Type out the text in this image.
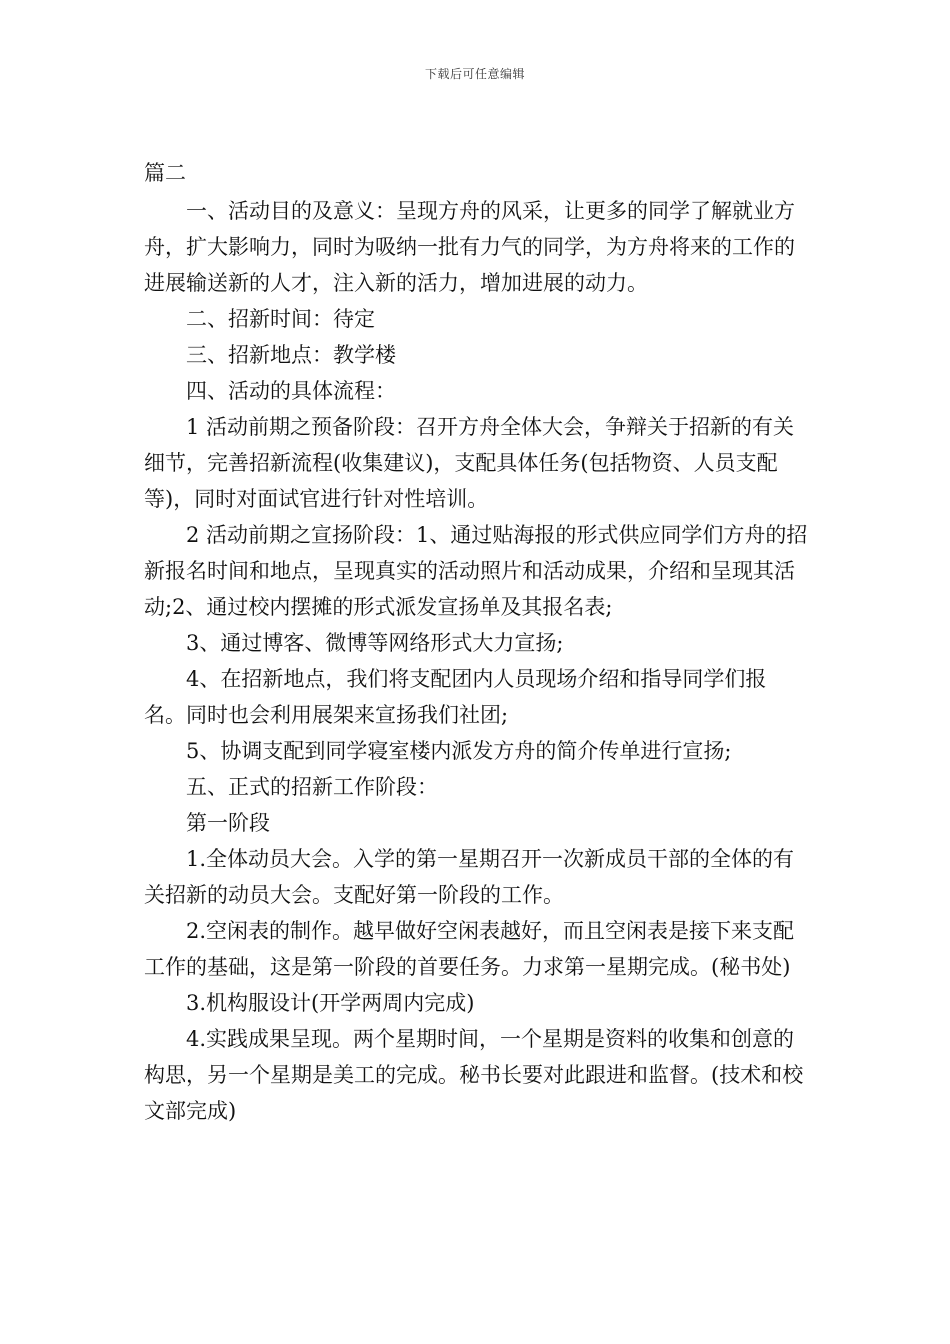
下载后可任意编辑

篇二

一、活动目的及意义：呈现方舟的风采，让更多的同学了解就业方舟，扩大影响力，同时为吸纳一批有力气的同学，为方舟将来的工作的进展输送新的人才，注入新的活力，增加进展的动力。

二、招新时间：待定

三、招新地点：教学楼

四、活动的具体流程：

1 活动前期之预备阶段：召开方舟全体大会，争辩关于招新的有关细节，完善招新流程(收集建议)，支配具体任务(包括物资、人员支配等)，同时对面试官进行针对性培训。

2 活动前期之宣扬阶段：1、通过贴海报的形式供应同学们方舟的招新报名时间和地点，呈现真实的活动照片和活动成果，介绍和呈现其活动;2、通过校内摆摊的形式派发宣扬单及其报名表;

3、通过博客、微博等网络形式大力宣扬;

4、在招新地点，我们将支配团内人员现场介绍和指导同学们报名。同时也会利用展架来宣扬我们社团;

5、协调支配到同学寝室楼内派发方舟的简介传单进行宣扬;

五、正式的招新工作阶段：

第一阶段

1.全体动员大会。入学的第一星期召开一次新成员干部的全体的有关招新的动员大会。支配好第一阶段的工作。

2.空闲表的制作。越早做好空闲表越好，而且空闲表是接下来支配工作的基础，这是第一阶段的首要任务。力求第一星期完成。(秘书处)

3.机构服设计(开学两周内完成)

4.实践成果呈现。两个星期时间，一个星期是资料的收集和创意的构思，另一个星期是美工的完成。秘书长要对此跟进和监督。(技术和校文部完成)
